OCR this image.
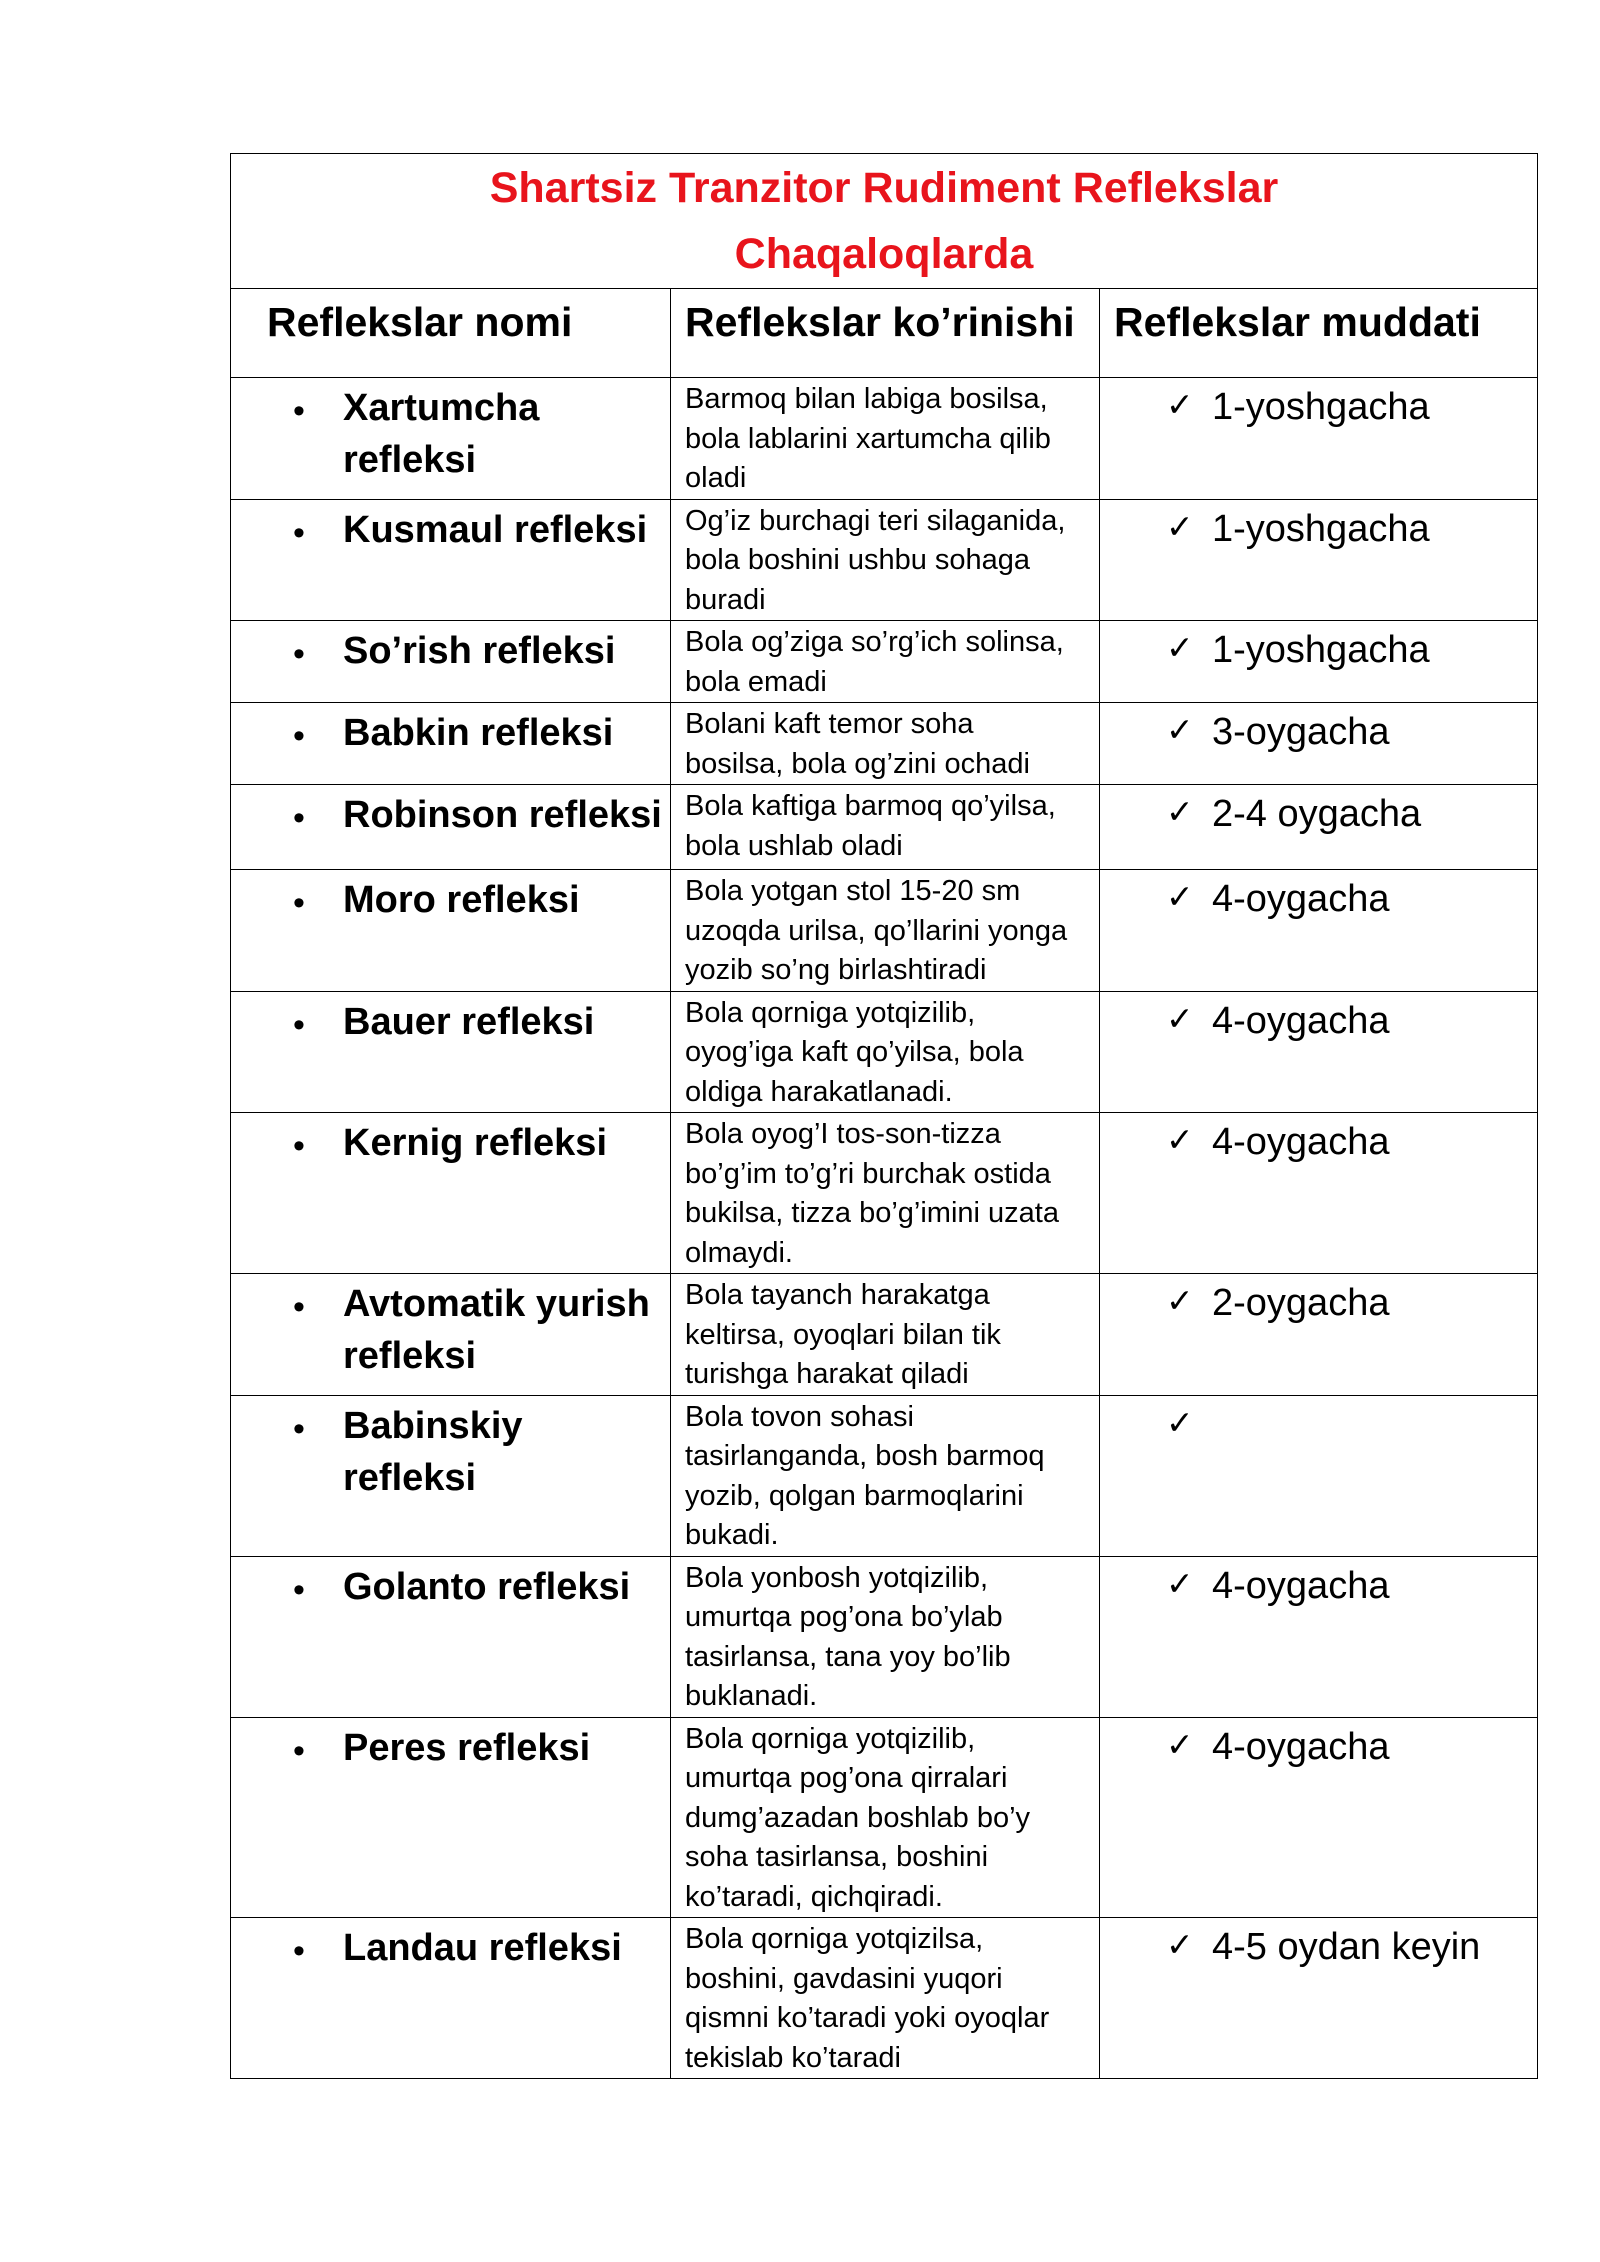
Shartsiz Tranzitor Rudiment Reflekslar
Chaqaloqlarda		

Reflekslar nomi	Reflekslar ko’rinishi	Reflekslar muddati

• Xartumcha
refleksi	Barmoq bilan labiga bosilsa,
bola lablarini xartumcha qilib
oladi	✓ 1-yoshgacha

• Kusmaul refleksi	Og’iz burchagi teri silaganida,
bola boshini ushbu sohaga
buradi	✓ 1-yoshgacha

• So’rish refleksi	Bola og’ziga so’rg’ich solinsa,
bola emadi	✓ 1-yoshgacha

• Babkin refleksi	Bolani kaft temor soha
bosilsa, bola og’zini ochadi	✓ 3-oygacha

• Robinson refleksi	Bola kaftiga barmoq qo’yilsa,
bola ushlab oladi	✓ 2-4 oygacha

• Moro refleksi	Bola yotgan stol 15-20 sm
uzoqda urilsa, qo’llarini yonga
yozib so’ng birlashtiradi	✓ 4-oygacha

• Bauer refleksi	Bola qorniga yotqizilib,
oyog’iga kaft qo’yilsa, bola
oldiga harakatlanadi.	✓ 4-oygacha

• Kernig refleksi	Bola oyog’I tos-son-tizza
bo’g’im to’g’ri burchak ostida
bukilsa, tizza bo’g’imini uzata
olmaydi.	✓ 4-oygacha

• Avtomatik yurish
refleksi	Bola tayanch harakatga
keltirsa, oyoqlari bilan tik
turishga harakat qiladi	✓ 2-oygacha

• Babinskiy
refleksi	Bola tovon sohasi
tasirlanganda, bosh barmoq
yozib, qolgan barmoqlarini
bukadi.	✓

• Golanto refleksi	Bola yonbosh yotqizilib,
umurtqa pog’ona bo’ylab
tasirlansa, tana yoy bo’lib
buklanadi.	✓ 4-oygacha

• Peres refleksi	Bola qorniga yotqizilib,
umurtqa pog’ona qirralari
dumg’azadan boshlab bo’y
soha tasirlansa, boshini
ko’taradi, qichqiradi.	✓ 4-oygacha

• Landau refleksi	Bola qorniga yotqizilsa,
boshini, gavdasini yuqori
qismni ko’taradi yoki oyoqlar
tekislab ko’taradi	✓ 4-5 oydan keyin
